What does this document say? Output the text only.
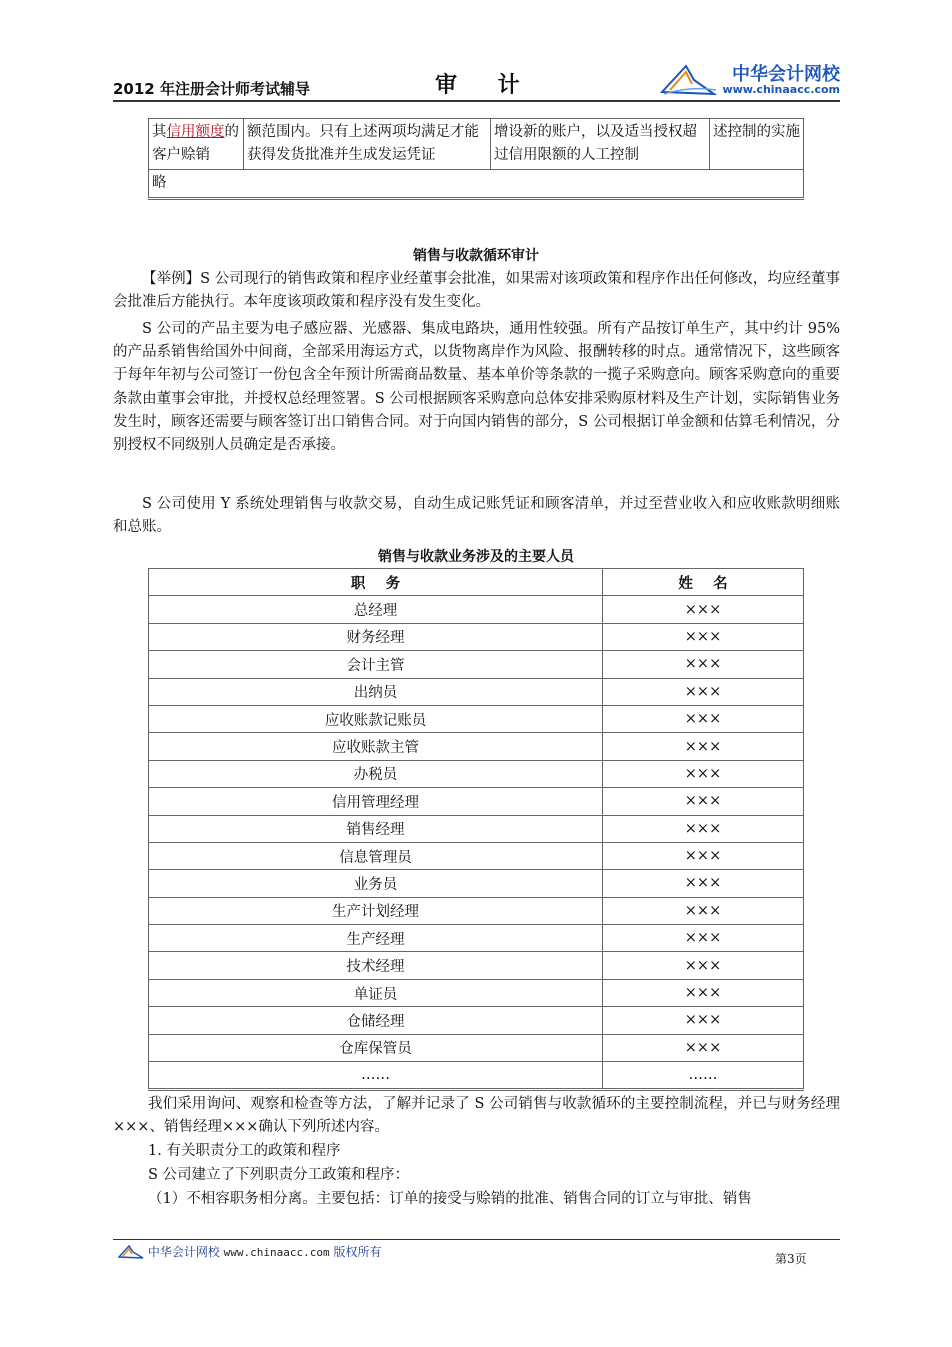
2012 年注册会计师考试辅导	审    计	中华会计网校
www.chinaacc.com
其信用额度的客户赊销	额范围内。只有上述两项均满足才能获得发货批准并生成发运凭证	增设新的账户，以及适当授权超过信用限额的人工控制	述控制的实施
略
销售与收款循环审计
【举例】S 公司现行的销售政策和程序业经董事会批准，如果需对该项政策和程序作出任何修改，均应经董事会批准后方能执行。本年度该项政策和程序没有发生变化。
S 公司的产品主要为电子感应器、光感器、集成电路块，通用性较强。所有产品按订单生产，其中约计 95%的产品系销售给国外中间商，全部采用海运方式，以货物离岸作为风险、报酬转移的时点。通常情况下，这些顾客于每年年初与公司签订一份包含全年预计所需商品数量、基本单价等条款的一揽子采购意向。顾客采购意向的重要条款由董事会审批，并授权总经理签署。S 公司根据顾客采购意向总体安排采购原材料及生产计划，实际销售业务发生时，顾客还需要与顾客签订出口销售合同。对于向国内销售的部分，S 公司根据订单金额和估算毛利情况，分别授权不同级别人员确定是否承接。
S 公司使用 Y 系统处理销售与收款交易，自动生成记账凭证和顾客清单，并过至营业收入和应收账款明细账和总账。
销售与收款业务涉及的主要人员
职    务	姓    名
总经理	×××
财务经理	×××
会计主管	×××
出纳员	×××
应收账款记账员	×××
应收账款主管	×××
办税员	×××
信用管理经理	×××
销售经理	×××
信息管理员	×××
业务员	×××
生产计划经理	×××
生产经理	×××
技术经理	×××
单证员	×××
仓储经理	×××
仓库保管员	×××
……	……
我们采用询问、观察和检查等方法，了解并记录了 S 公司销售与收款循环的主要控制流程，并已与财务经理×××、销售经理×××确认下列所述内容。
1. 有关职责分工的政策和程序
S 公司建立了下列职责分工政策和程序：
（1）不相容职务相分离。主要包括：订单的接受与赊销的批准、销售合同的订立与审批、销售
中华会计网校 www.chinaacc.com 版权所有	第3页
